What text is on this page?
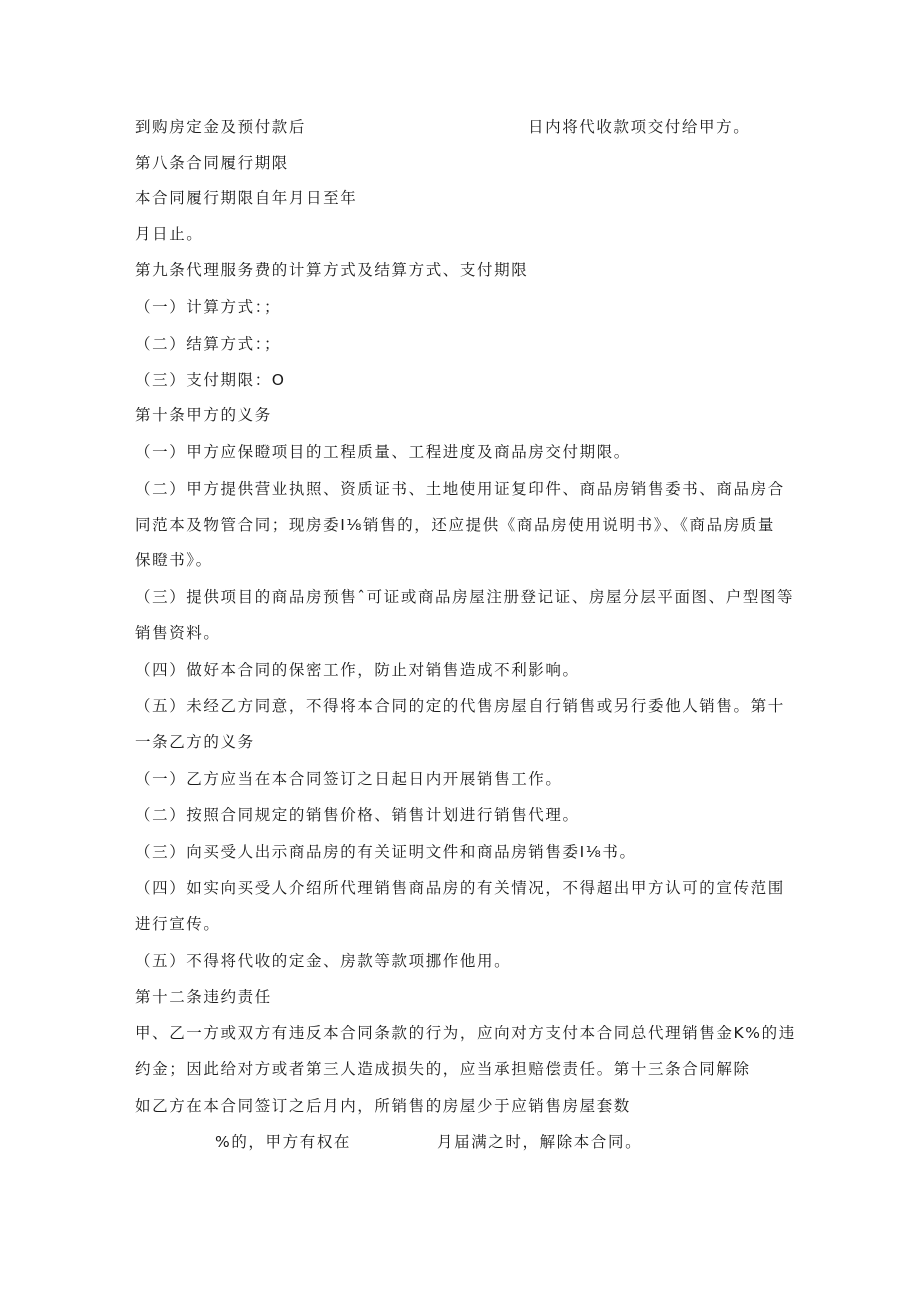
到购房定金及预付款后	日内将代收款项交付给甲方。
第八条合同履行期限
本合同履行期限自年月日至年
月日止。
第九条代理服务费的计算方式及结算方式、支付期限
（一）计算方式：；
（二）结算方式：；
（三）支付期限：O
第十条甲方的义务
（一）甲方应保瞪项目的工程质量、工程进度及商品房交付期限。
（二）甲方提供营业执照、资质证书、土地使用证复印件、商品房销售委书、商品房合
同范本及物管合同；现房委I⅛销售的，还应提供《商品房使用说明书》、《商品房质量
保瞪书》。
（三）提供项目的商品房预售ˆ可证或商品房屋注册登记证、房屋分层平面图、户型图等
销售资料。
（四）做好本合同的保密工作，防止对销售造成不利影响。
（五）未经乙方同意，不得将本合同的定的代售房屋自行销售或另行委他人销售。第十
一条乙方的义务
（一）乙方应当在本合同签订之日起日内开展销售工作。
（二）按照合同规定的销售价格、销售计划进行销售代理。
（三）向买受人出示商品房的有关证明文件和商品房销售委I⅛书。
（四）如实向买受人介绍所代理销售商品房的有关情况，不得超出甲方认可的宣传范围
进行宣传。
（五）不得将代收的定金、房款等款项挪作他用。
第十二条违约责任
甲、乙一方或双方有违反本合同条款的行为，应向对方支付本合同总代理销售金K%的违
约金；因此给对方或者第三人造成损失的，应当承担赔偿责任。第十三条合同解除
如乙方在本合同签订之后月内，所销售的房屋少于应销售房屋套数
%的，甲方有权在	月届满之时，解除本合同。
